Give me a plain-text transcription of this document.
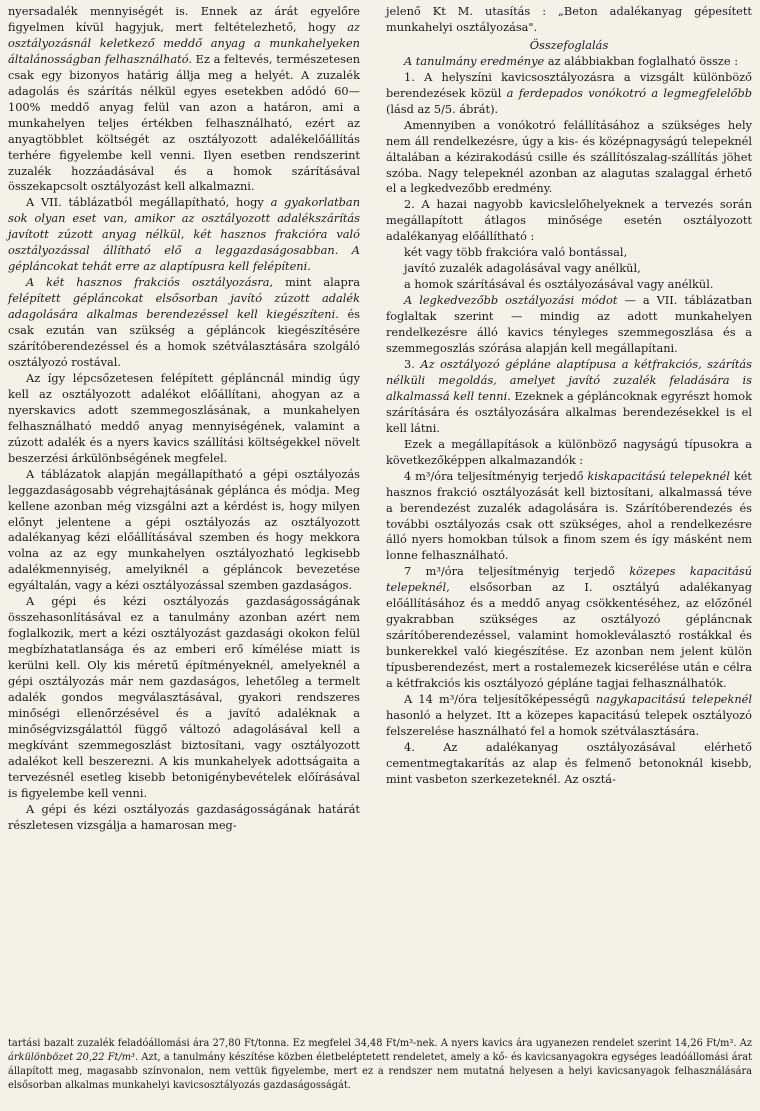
nyersadalék mennyiségét is. Ennek az árát egyelőre figyelmen kívül hagyjuk, mert feltételezhető, hogy az osztályozásnál keletkező meddő anyag a munkahelyeken általánosságban felhasználható. Ez a feltevés, természetesen csak egy bizonyos határig állja meg a helyét. A zuzalék adagolás és szárítás nélkül egyes esetekben adódó 60—100% meddő anyag felül van azon a határon, ami a munkahelyen teljes értékben felhasználható, ezért az anyagtöbblet költségét az osztályozott adalékelőállítás terhére figyelembe kell venni. Ilyen esetben rendszerint zuzalék hozzáadásával és a homok szárításával összekapcsolt osztályozást kell alkalmazni.

A VII. táblázatból megállapítható, hogy a gyakorlatban sok olyan eset van, amikor az osztályozott adalékszárítás javított zúzott anyag nélkül, két hasznos frakcióra való osztályozással állítható elő a leggazdaságosabban. A gépláncokat tehát erre az alaptípusra kell felépíteni.

A két hasznos frakciós osztályozásra, mint alapra felépített gépláncokat elsősorban javító zúzott adalék adagolására alkalmas berendezéssel kell kiegészíteni. és csak ezután van szükség a gépláncok kiegészítésére szárítóberendezéssel és a homok szétválasztására szolgáló osztályozó rostával.

Az így lépcsőzetesen felépített gépláncnál mindig úgy kell az osztályozott adalékot előállítani, ahogyan az a nyerskavics adott szemmegoszlásának, a munkahelyen felhasználható meddő anyag mennyiségének, valamint a zúzott adalék és a nyers kavics szállítási költségekkel növelt beszerzési árkülönbségének megfelel.

A táblázatok alapján megállapítható a gépi osztályozás leggazdaságosabb végrehajtásának gépláncа és módja. Meg kellene azonban még vizsgálni azt a kérdést is, hogy milyen előnyt jelentene a gépi osztályozás az osztályozott adalékanyag kézi előállításával szemben és hogy mekkora volna az az egy munkahelyen osztályozható legkisebb adalékmennyiség, amelyiknél a gépláncok bevezetése egyáltalán, vagy a kézi osztályozással szemben gazdaságos.

A gépi és kézi osztályozás gazdaságosságának összehasonlításával ez a tanulmány azonban azért nem foglalkozik, mert a kézi osztályozást gazdasági okokon felül megbízhatatlansága és az emberi erő kímélése miatt is kerülni kell. Oly kis méretű építményeknél, amelyeknél a gépi osztályozás már nem gazdaságos, lehetőleg a termelt adalék gondos megválasztásával, gyakori rendszeres minőségi ellenőrzésével és a javító adaléknak a minőségvizsgálattól függő változó adagolásával kell a megkívánt szemmegoszlást biztosítani, vagy osztályozott adalékot kell beszerezni. A kis munkahelyek adottságaita a tervezésnél esetleg kisebb betonigénybevételek előírásával is figyelembe kell venni.

A gépi és kézi osztályozás gazdaságosságának határát részletesen vizsgálja a hamarosan meg-

jelenő Kt M. utasítás : „Beton adalékanyag gépesített munkahelyi osztályozása".

Összefoglalás

A tanulmány eredménye az alábbiakban foglalható össze :

1. A helyszíni kavicsosztályozásra a vizsgált különböző berendezések közül a ferdepados vonókotró a legmegfelelőbb (lásd az 5/5. ábrát).

Amennyiben a vonókotró felállításához a szükséges hely nem áll rendelkezésre, úgy a kis- és középnagyságú telepeknél általában a kézirakodású csille és szállítószalag-szállítás jöhet szóba. Nagy telepeknél azonban az alagutas szalaggal érhető el a legkedvezőbb eredmény.

2. A hazai nagyobb kavicslelőhelyeknek a tervezés során megállapított átlagos minősége esetén osztályozott adalékanyag előállítható :

két vagy több frakcióra való bontással,

javító zuzalék adagolásával vagy anélkül,

a homok szárításával és osztályozásával vagy anélkül.

A legkedvezőbb osztályozási módot — a VII. táblázatban foglaltak szerint — mindig az adott munkahelyen rendelkezésre álló kavics tényleges szemmegoszlása és a szemmegoszlás szórása alapján kell megállapítani.

3. Az osztályozó gépláne alaptípusa a kétfrakciós, szárítás nélküli megoldás, amelyet javító zuzalék feladására is alkalmassá kell tenni. Ezeknek a gépláncoknak egyrészt homok szárítására és osztályozására alkalmas berendezésekkel is el kell látni.

Ezek a megállapítások a különböző nagyságú típusokra a következőképpen alkalmazandók :

4 m³/óra teljesítményig terjedő kiskapacitású telepeknél két hasznos frakció osztályozását kell biztosítani, alkalmassá téve a berendezést zuzalék adagolására is. Szárítóberendezés és további osztályozás csak ott szükséges, ahol a rendelkezésre álló nyers homokban túlsok a finom szem és így másként nem lonne felhasználható.

7 m³/óra teljesítményig terjedő közepes kapacitású telepeknél, elsősorban az I. osztályú adalékanyag előállításához és a meddő anyag csökkentéséhez, az előzőnél gyakrabban szükséges az osztályozó gépláncnak szárítóberendezéssel, valamint homokleválasztó rostákkal és bunkerekkel való kiegészítése. Ez azonban nem jelent külön típusberendezést, mert a rostalemezek kicserélése után e célra a kétfrakciós kis osztályozó gépláne tagjai felhasználhatók.

A 14 m³/óra teljesítőképességű nagykapacitású telepeknél hasonló a helyzet. Itt a közepes kapacitású telepek osztályozó felszerelése használható fel a homok szétválasztására.

4. Az adalékanyag osztályozásával elérhető cementmegtakarítás az alap és felmenő betonoknál kisebb, mint vasbeton szerkezeteknél. Az osztá-

tartási bazalt zuzalék feladóállomási ára 27,80 Ft/tonna. Ez megfelel 34,48 Ft/m³-nek. A nyers kavics ára ugyanezen rendelet szerint 14,26 Ft/m³. Az árkülönbözet 20,22 Ft/m³. Azt, a tanulmány készítése közben életbeléptetett rendeletet, amely a kő- és kavicsanyagokra egységes leadóállomási árat állapított meg, magasabb színvonalon, nem vettük figyelembe, mert ez a rendszer nem mutatná helyesen a helyi kavicsanyagok felhasználására elsősorban alkalmas munkahelyi kavicsosztályozás gazdaságosságát.
